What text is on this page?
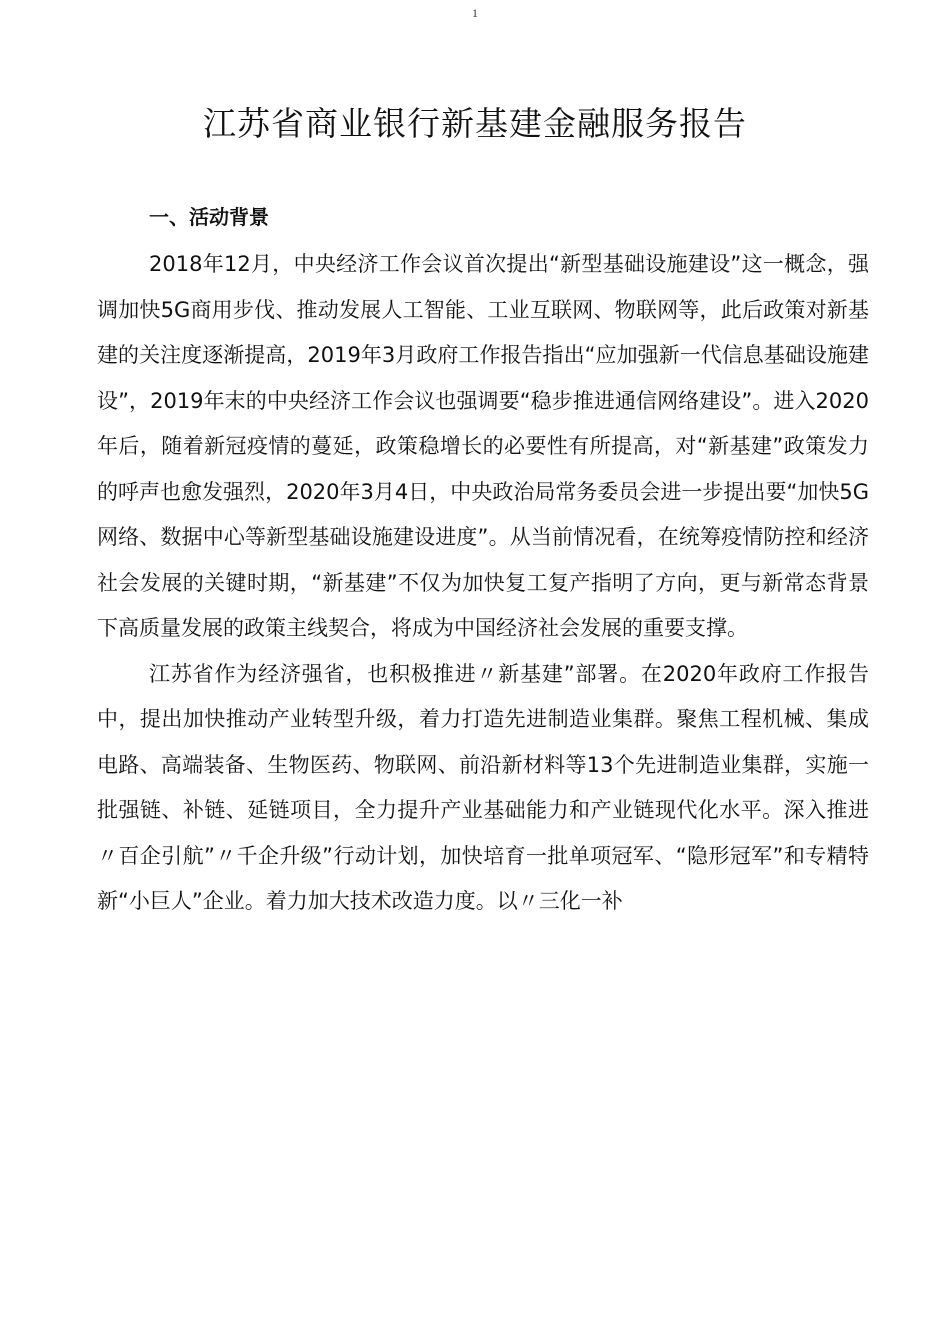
1
江苏省商业银行新基建金融服务报告
一、活动背景

2018年12月，中央经济工作会议首次提出“新型基础设施建设”这一概念，强调加快5G商用步伐、推动发展人工智能、工业互联网、物联网等，此后政策对新基建的关注度逐渐提高，2019年3月政府工作报告指出“应加强新一代信息基础设施建设”，2019年末的中央经济工作会议也强调要“稳步推进通信网络建设”。进入2020年后，随着新冠疫情的蔓延，政策稳增长的必要性有所提高，对“新基建”政策发力的呼声也愈发强烈，2020年3月4日，中央政治局常务委员会进一步提出要“加快5G网络、数据中心等新型基础设施建设进度”。从当前情况看，在统筹疫情防控和经济社会发展的关键时期，“新基建”不仅为加快复工复产指明了方向，更与新常态背景下高质量发展的政策主线契合，将成为中国经济社会发展的重要支撑。

江苏省作为经济强省，也积极推进〃新基建”部署。在2020年政府工作报告中，提出加快推动产业转型升级，着力打造先进制造业集群。聚焦工程机械、集成电路、高端装备、生物医药、物联网、前沿新材料等13个先进制造业集群，实施一批强链、补链、延链项目，全力提升产业基础能力和产业链现代化水平。深入推进〃百企引航”〃千企升级”行动计划，加快培育一批单项冠军、“隐形冠军”和专精特新“小巨人”企业。着力加大技术改造力度。以〃三化一补
